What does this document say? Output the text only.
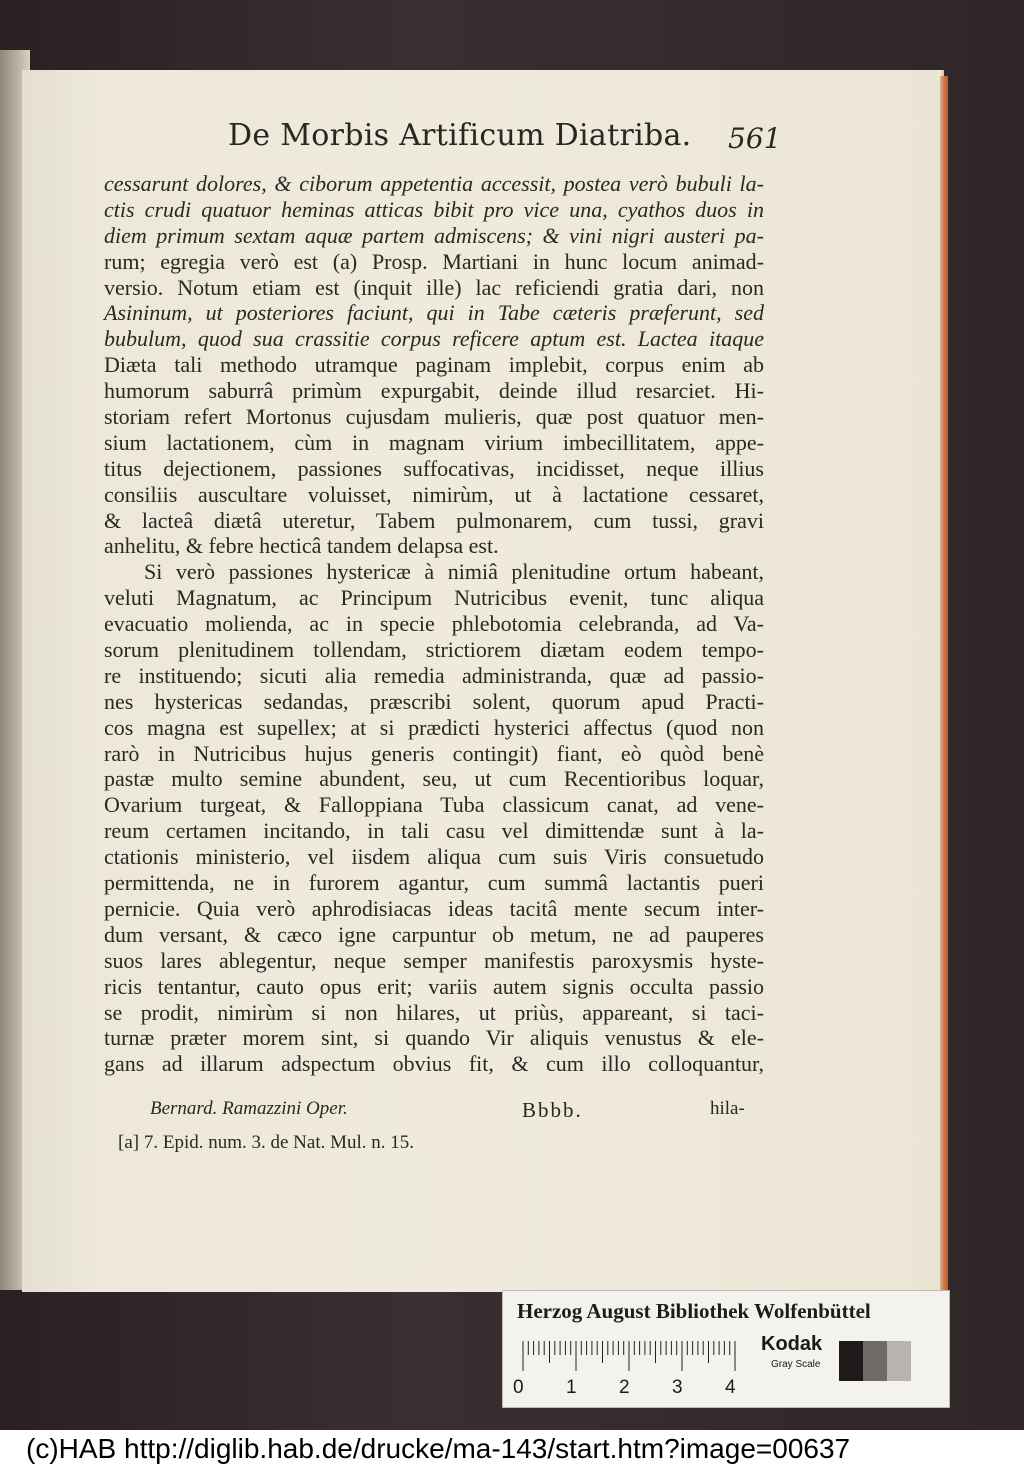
De Morbis Artificum Diatriba. 561
cessarunt dolores, & ciborum appetentia accessit, postea verò bubuli la-
ctis crudi quatuor heminas atticas bibit pro vice una, cyathos duos in
diem primum sextam aquæ partem admiscens; & vini nigri austeri pa-
rum; egregia verò est (a) Prosp. Martiani in hunc locum animad-
versio. Notum etiam est (inquit ille) lac reficiendi gratia dari, non
Asininum, ut posteriores faciunt, qui in Tabe cæteris præferunt, sed
bubulum, quod sua crassitie corpus reficere aptum est. Lactea itaque
Diæta tali methodo utramque paginam implebit, corpus enim ab
humorum saburrâ primùm expurgabit, deinde illud resarciet. Hi-
storiam refert Mortonus cujusdam mulieris, quæ post quatuor men-
sium lactationem, cùm in magnam virium imbecillitatem, appe-
titus dejectionem, passiones suffocativas, incidisset, neque illius
consiliis auscultare voluisset, nimirùm, ut à lactatione cessaret,
& lacteâ diætâ uteretur, Tabem pulmonarem, cum tussi, gravi
anhelitu, & febre hecticâ tandem delapsa est.
Si verò passiones hystericæ à nimiâ plenitudine ortum habeant,
veluti Magnatum, ac Principum Nutricibus evenit, tunc aliqua
evacuatio molienda, ac in specie phlebotomia celebranda, ad Va-
sorum plenitudinem tollendam, strictiorem diætam eodem tempo-
re instituendo; sicuti alia remedia administranda, quæ ad passio-
nes hystericas sedandas, præscribi solent, quorum apud Practi-
cos magna est supellex; at si prædicti hysterici affectus (quod non
rarò in Nutricibus hujus generis contingit) fiant, eò quòd benè
pastæ multo semine abundent, seu, ut cum Recentioribus loquar,
Ovarium turgeat, & Falloppiana Tuba classicum canat, ad vene-
reum certamen incitando, in tali casu vel dimittendæ sunt à la-
ctationis ministerio, vel iisdem aliqua cum suis Viris consuetudo
permittenda, ne in furorem agantur, cum summâ lactantis pueri
pernicie. Quia verò aphrodisiacas ideas tacitâ mente secum inter-
dum versant, & cæco igne carpuntur ob metum, ne ad pauperes
suos lares ablegentur, neque semper manifestis paroxysmis hyste-
ricis tentantur, cauto opus erit; variis autem signis occulta passio
se prodit, nimirùm si non hilares, ut priùs, appareant, si taci-
turnæ præter morem sint, si quando Vir aliquis venustus & ele-
gans ad illarum adspectum obvius fit, & cum illo colloquantur,
Bernard. Ramazzini Oper.	Bbbb.	hila-
[a] 7. Epid. num. 3. de Nat. Mul. n. 15.
Herzog August Bibliothek Wolfenbüttel
0 1 2 3 4
Kodak
Gray Scale
(c)HAB http://diglib.hab.de/drucke/ma-143/start.htm?image=00637
